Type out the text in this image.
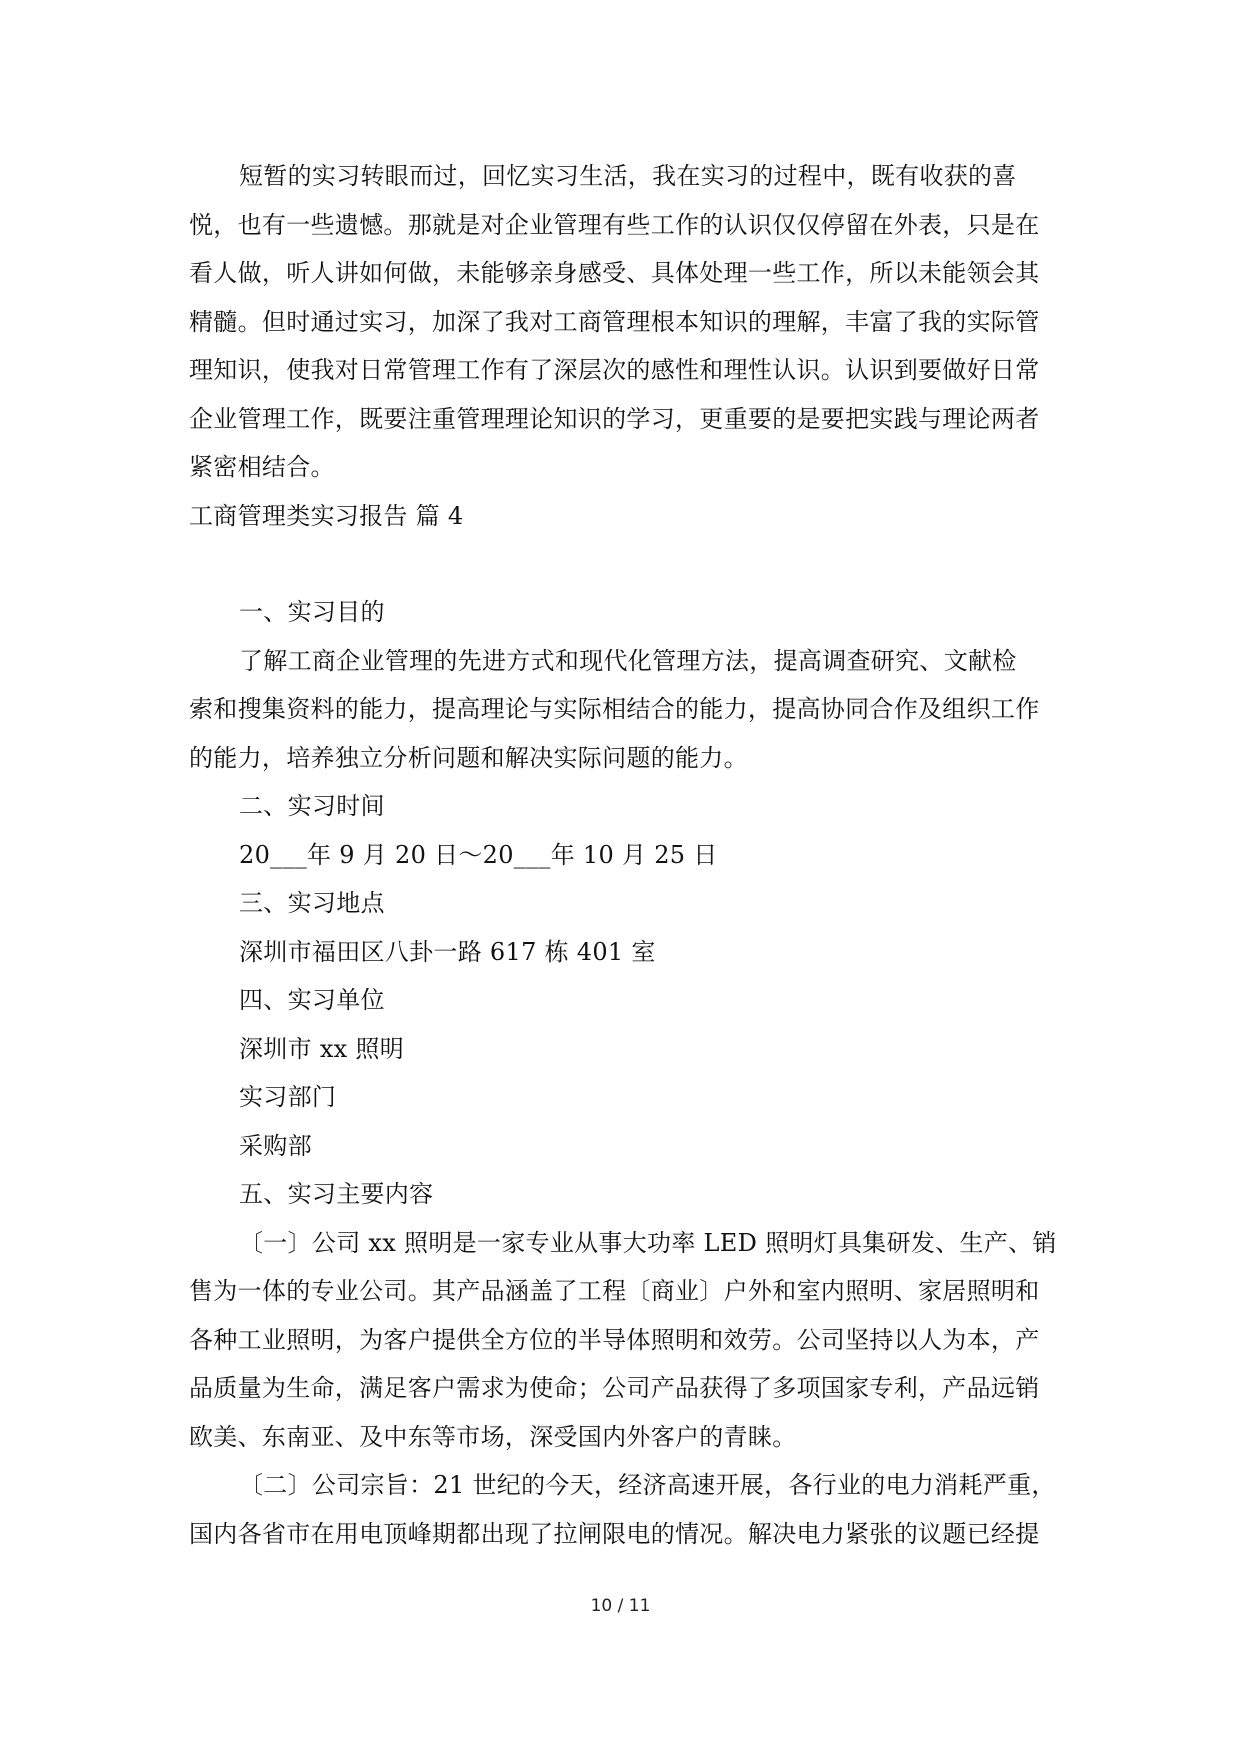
短暂的实习转眼而过，回忆实习生活，我在实习的过程中，既有收获的喜
悦，也有一些遗憾。那就是对企业管理有些工作的认识仅仅停留在外表，只是在
看人做，听人讲如何做，未能够亲身感受、具体处理一些工作，所以未能领会其
精髓。但时通过实习，加深了我对工商管理根本知识的理解，丰富了我的实际管
理知识，使我对日常管理工作有了深层次的感性和理性认识。认识到要做好日常
企业管理工作，既要注重管理理论知识的学习，更重要的是要把实践与理论两者
紧密相结合。
工商管理类实习报告 篇 4
一、实习目的
了解工商企业管理的先进方式和现代化管理方法，提高调查研究、文献检
索和搜集资料的能力，提高理论与实际相结合的能力，提高协同合作及组织工作
的能力，培养独立分析问题和解决实际问题的能力。
二、实习时间
20___年 9 月 20 日～20___年 10 月 25 日
三、实习地点
深圳市福田区八卦一路 617 栋 401 室
四、实习单位
深圳市 xx 照明
实习部门
采购部
五、实习主要内容
〔一〕公司 xx 照明是一家专业从事大功率 LED 照明灯具集研发、生产、销
售为一体的专业公司。其产品涵盖了工程〔商业〕户外和室内照明、家居照明和
各种工业照明，为客户提供全方位的半导体照明和效劳。公司坚持以人为本，产
品质量为生命，满足客户需求为使命；公司产品获得了多项国家专利，产品远销
欧美、东南亚、及中东等市场，深受国内外客户的青睐。
〔二〕公司宗旨：21 世纪的今天，经济高速开展，各行业的电力消耗严重，
国内各省市在用电顶峰期都出现了拉闸限电的情况。解决电力紧张的议题已经提
10 / 11
